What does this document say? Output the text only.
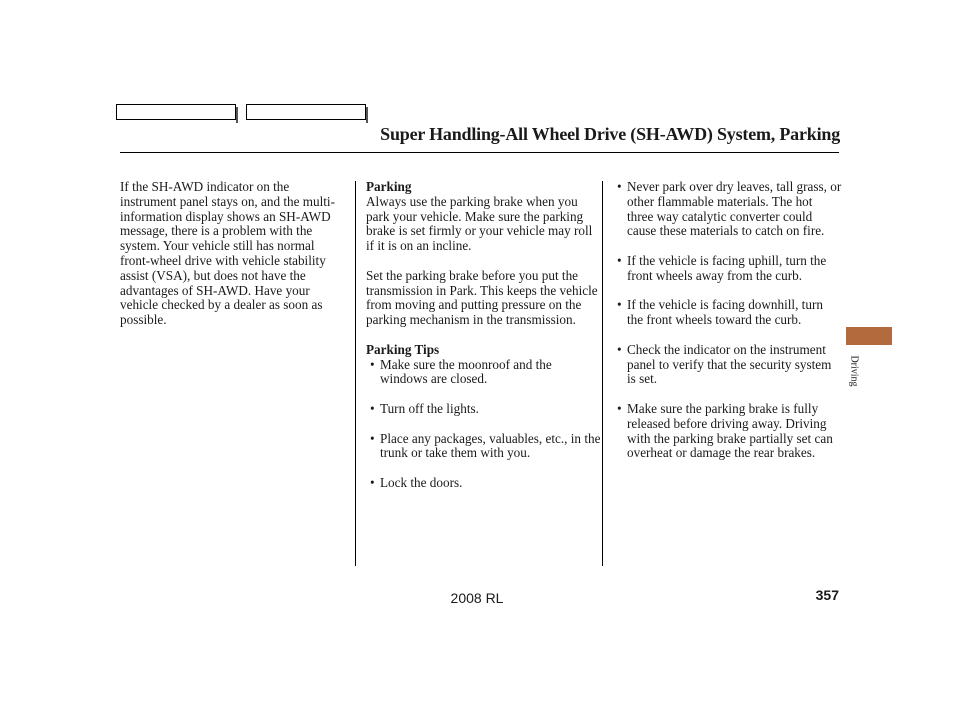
Super Handling-All Wheel Drive (SH-AWD) System, Parking

If the SH-AWD indicator on the instrument panel stays on, and the multi-information display shows an SH-AWD message, there is a problem with the system. Your vehicle still has normal front-wheel drive with vehicle stability assist (VSA), but does not have the advantages of SH-AWD. Have your vehicle checked by a dealer as soon as possible.

Parking

Always use the parking brake when you park your vehicle. Make sure the parking brake is set firmly or your vehicle may roll if it is on an incline.

Set the parking brake before you put the transmission in Park. This keeps the vehicle from moving and putting pressure on the parking mechanism in the transmission.

Parking Tips

• Make sure the moonroof and the windows are closed.
• Turn off the lights.
• Place any packages, valuables, etc., in the trunk or take them with you.
• Lock the doors.
• Never park over dry leaves, tall grass, or other flammable materials. The hot three way catalytic converter could cause these materials to catch on fire.
• If the vehicle is facing uphill, turn the front wheels away from the curb.
• If the vehicle is facing downhill, turn the front wheels toward the curb.
• Check the indicator on the instrument panel to verify that the security system is set.
• Make sure the parking brake is fully released before driving away. Driving with the parking brake partially set can overheat or damage the rear brakes.
Driving
2008 RL	357
